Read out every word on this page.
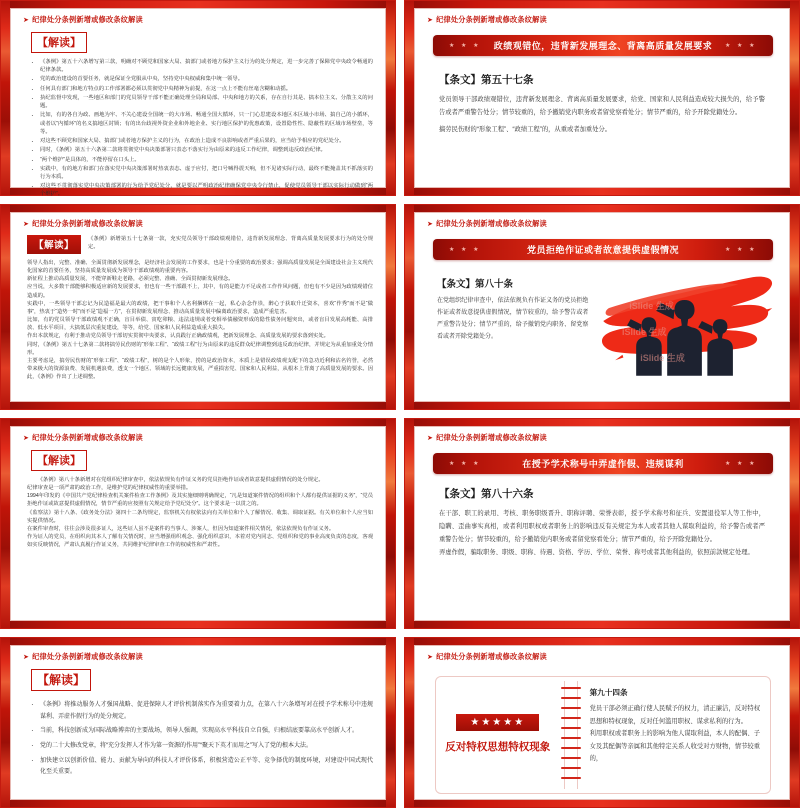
➤ 纪律处分条例新增或修改条纹解读
【解读】
· 《条例》第五十六条增写第三款，明确对不顾党和国家大局、搞部门或者地方保护主义行为的处分规定，进一步完善了保障党中央政令畅通的纪律条款。
· 党的政治建设的首要任务，就是保证全党服从中央，坚持党中央权威和集中统一领导。
· 任何具有部门和地方特点的工作部署都必须以贯彻党中央精神为前提，在这一点上不能有丝毫含糊和动摇。
· 执纪监督中发现，一些地区和部门的党员领导干部不能正确处理全局和局部、中央和地方的关系，存在自行其是、搞本位主义、分散主义的问题。
· 比如，有的各自为政、画地为牢、不关心建设全国统一的大市场、畅通全国大循环，只一门心思建设本地区本区域小市场、搞自己的小循环，或者以“内循环”的名义搞地区封锁；有的出台歧视外资企业和外地企业、实行地区保护的优惠政策，设置隐性性、隐蔽性的区域市场壁垒，等等。
· 对这些不顾党和国家大局、搞部门或者地方保护主义的行为，在政治上造成不良影响或者严重后果的，应当给予相应的党纪处分。
· 同时，《条例》第五十六条第二款将贯彻党中央决策部署只表态不落实行为由原来的违反工作纪律，调整到违反政治纪律。
· “两个维护”是具体的，不能停留在口头上。
· 实践中，有的地方和部门在落实党中央决策部署时热衷表态、虚于应付，把口号喊得震天响，但不见诸实际行动，最终不能掩盖其不抓落实的行为本质。
· 对这些不贯彻落实党中央决策部署的行为给予党纪处分，就是要以严明政治纪律确保党中央令行禁止，促使党员领导干部以实际行动做到“两个维护”。
➤ 纪律处分条例新增或修改条纹解读
★ ★ ★ 政绩观错位，违背新发展理念、背离高质量发展要求 ★ ★ ★
【条文】第五十七条

党员领导干部政绩观错位，违背新发展理念、背离高质量发展要求，给党、国家和人民利益造成较大损失的，给予警告或者严重警告处分；情节较重的，给予撤销党内职务或者留党察看处分；情节严重的，给予开除党籍处分。

搞劳民伤财的“形象工程”、“政绩工程”的，从重或者加重处分。

➤ 纪律处分条例新增或修改条纹解读
【解读】
《条例》新增第五十七条第一款，充实党员领导干部政绩观错位，违背新发展理念、背离高质量发展要求行为的处分规定。

领导人指出，完整、准确、全面贯彻新发展理念，是经济社会发展的工作要求，也是十分重要的政治要求；强调高质量发展是全面建设社会主义现代化国家的首要任务，坚持高质量发展成为领导干部政绩观的重要内容。

新征程上推动高质量发展，不能穿新鞋走老路，必须完整、准确、全面贯彻新发展理念。

应当说，大多数干部能够积极适应新的发展要求，但也有一些干部跟不上，其中，有的是能力不足或者工作作风问题，但也有不少是因为政绩观错位造成的。

实践中，一些领导干部忘记为民造福是最大的政绩，把干事和个人名利捆绑在一起，私心杂念作祟，醉心于获取升迁资本，喜欢“作秀”而不是“做事”，热衷于“造势一时”而不是“造福一方”，在贯彻新发展理念、推动高质量发展中偏离政治要求，造成严重危害。

比如，有的党员领导干部政绩观不正确，盲目举债、寅吃卯粮、违法违规或者变相举债融资形成的隐性债务问题突出，或者盲目发展高耗能、高排放、低水平项目，大搞低层次重复建设，等等，给党、国家和人民利益造成重大损失。

作出本款规定，有利于推动党员领导干部切实贯彻中央要求，认真践行正确政绩观，把新发展理念、高质量发展的要求落到实处。

同时，《条例》第五十七条第二款将搞劳民伤财的“形象工程”、“政绩工程”行为由原来的违反群众纪律调整到违反政治纪律，并规定为从重加重处分情形。

主要考虑是，搞劳民伤财的“形象工程”、“政绩工程”，树的是个人形象，捞的是政治资本，本质上是错误政绩观支配下的急功近利和沽名钓誉，必然带来极大的资源浪费、发展机遇浪费，透支一个地区、领域的长远健康发展，严重损害党、国家和人民利益，从根本上背离了高质量发展的要求。因此，《条例》作出了上述调整。

➤ 纪律处分条例新增或修改条纹解读
★ ★ ★	党员拒绝作证或者故意提供虚假情况	★ ★ ★
【条文】第八十条

在党组织纪律审查中，依法依规负有作证义务的党员拒绝作证或者故意提供虚假情况，情节较重的，给予警告或者严重警告处分；情节严重的，给予撤销党内职务、留党察看或者开除党籍处分。

iSlide 生成
iSlide 生成
iSlide 生成
➤ 纪律处分条例新增或修改条纹解读
【解读】

《条例》第八十条新增对在党组织纪律审查中，依法依规负有作证义务的党员拒绝作证或者故意提供虚假情况的处分规定。

纪律审查是一项严肃的政治工作，是维护党的纪律权威性的重要举措。

1994年印发的《中国共产党纪律检查机关案件检查工作条例》及其实施细则明确规定，“凡是知道案件情况的组织和个人都有提供证据的义务”，“党员拒绝作证或故意提供虚假情况，情节严重的应按照有关规定给予党纪处分”。这个要求是一以贯之的。

《监察法》第十八条、《政务处分法》第四十二条均规定，监察机关有权依法向有关单位和个人了解情况、收集、调取证据。有关单位和个人应当如实提供情况。

在案件审查时，往往会涉及很多证人，这些证人虽不是案件的当事人、涉案人，但因为知道案件相关情况，依法依规负有作证义务。

作为证人的党员，在组织向其本人了解有关情况时，应当增强组织观念、强化组织意识，本着对党内同志、党组织和党的事业高度负责的态度，客观如实反映情况，严肃认真履行作证义务，共同维护纪律审查工作的权威性和严肃性。

➤ 纪律处分条例新增或修改条纹解读
★ ★ ★	在授予学术称号中弄虚作假、违规谋利	★ ★ ★
【条文】第八十六条

在干部、职工的录用、考核、职务职级晋升、职称评聘、荣誉表彰，授予学术称号和征兵、安置退役军人等工作中，隐瞒、歪曲事实真相，或者利用职权或者职务上的影响违反有关规定为本人或者其他人谋取利益的，给予警告或者严重警告处分；情节较重的，给予撤销党内职务或者留党察看处分；情节严重的，给予开除党籍处分。

弄虚作假，骗取职务、职级、职称、待遇、资格、学历、学位、荣誉、称号或者其他利益的，依照前款规定处理。

➤ 纪律处分条例新增或修改条纹解读
【解读】
· 《条例》将推动服务人才强国战略、促进保障人才评价机制落实作为重要着力点，在第八十六条增写对在授予学术称号中违规谋利、弄虚作假行为的处分规定。
· 当前，科技创新成为国际战略博弈的主要战场，领导人强调，实现高水平科技自立自强，归根结底要靠高水平创新人才。
· 党的二十大修改党章，将“充分发挥人才作为第一资源的作用”“聚天下英才而用之”写入了党的根本大法。
· 加快建立以创新价值、能力、贡献为导向的科技人才评价体系，积极营造公正平等、竞争择优的制度环境，对建设中国式现代化至关重要。
➤ 纪律处分条例新增或修改条纹解读
★★★★★
反对特权思想特权现象
第九十四条

党员干部必须正确行使人民赋予的权力，清正廉洁，反对特权思想和特权现象，反对任何滥用职权、谋求私利的行为。

利用职权或者职务上的影响为他人谋取利益，本人的配偶、子女及其配偶等亲属和其他特定关系人收受对方财物，情节较重的，
